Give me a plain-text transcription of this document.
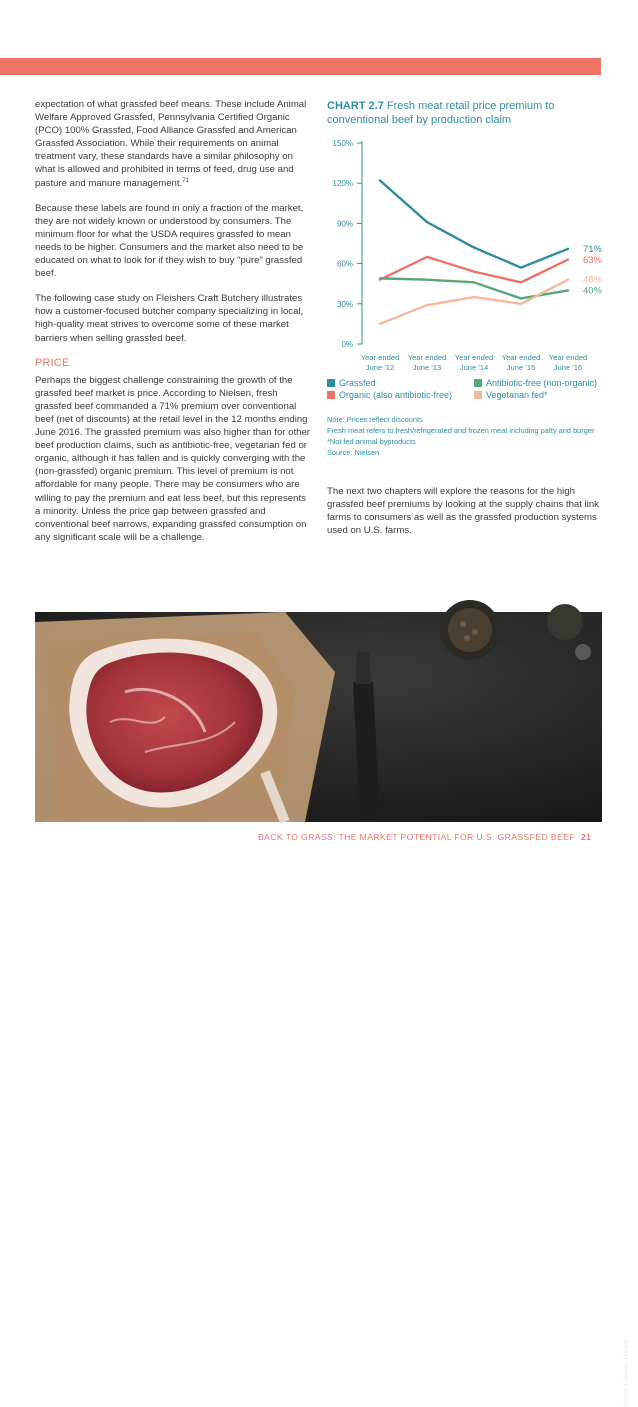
expectation of what grassfed beef means. These include Animal Welfare Approved Grassfed, Pennsylvania Certified Organic (PCO) 100% Grassfed, Food Alliance Grassfed and American Grassfed Association. While their requirements on animal treatment vary, these standards have a similar philosophy on what is allowed and prohibited in terms of feed, drug use and pasture and manure management.$^{71}$

Because these labels are found in only a fraction of the market, they are not widely known or understood by consumers. The minimum floor for what the USDA requires grassfed to mean needs to be higher. Consumers and the market also need to be educated on what to look for if they wish to buy “pure” grassfed beef.

The following case study on Fleishers Craft Butchery illustrates how a customer-focused butcher company specializing in local, high-quality meat strives to overcome some of these market barriers when selling grassfed beef.

PRICE

Perhaps the biggest challenge constraining the growth of the grassfed beef market is price. According to Nielsen, fresh grassfed beef commanded a 71% premium over conventional beef (net of discounts) at the retail level in the 12 months ending June 2016. The grassfed premium was also higher than for other beef production claims, such as antibiotic-free, vegetarian fed or organic, although it has fallen and is quickly converging with the (non-grassfed) organic premium. This level of premium is not affordable for many people. There may be consumers who are willing to pay the premium and eat less beef, but this represents a minority. Unless the price gap between grassfed and conventional beef narrows, expanding grassfed consumption on any significant scale will be a challenge.

CHART 2.7 Fresh meat retail price premium to conventional beef by production claim
0%
30%
60%
90%
120%
150%
Year ended
June '12
Year ended
June '13
Year ended
June '14
Year ended
June '15
Year ended
June '16
71%
63%
40%
48%
Grassfed	Antibiotic-free (non-organic)
Organic (also antibiotic-free)	Vegetarian fed*
Note: Prices reflect discounts
Fresh meat refers to fresh/refrigerated and frozen meat including patty and burger
*Not fed animal byproducts
Source: Nielsen
The next two chapters will explore the reasons for the high grassfed beef premiums by looking at the supply chains that link farms to consumers as well as the grassfed production systems used on U.S. farms.
Photo: Carman Ranch
BACK TO GRASS: THE MARKET POTENTIAL FOR U.S. GRASSFED BEEF 21
